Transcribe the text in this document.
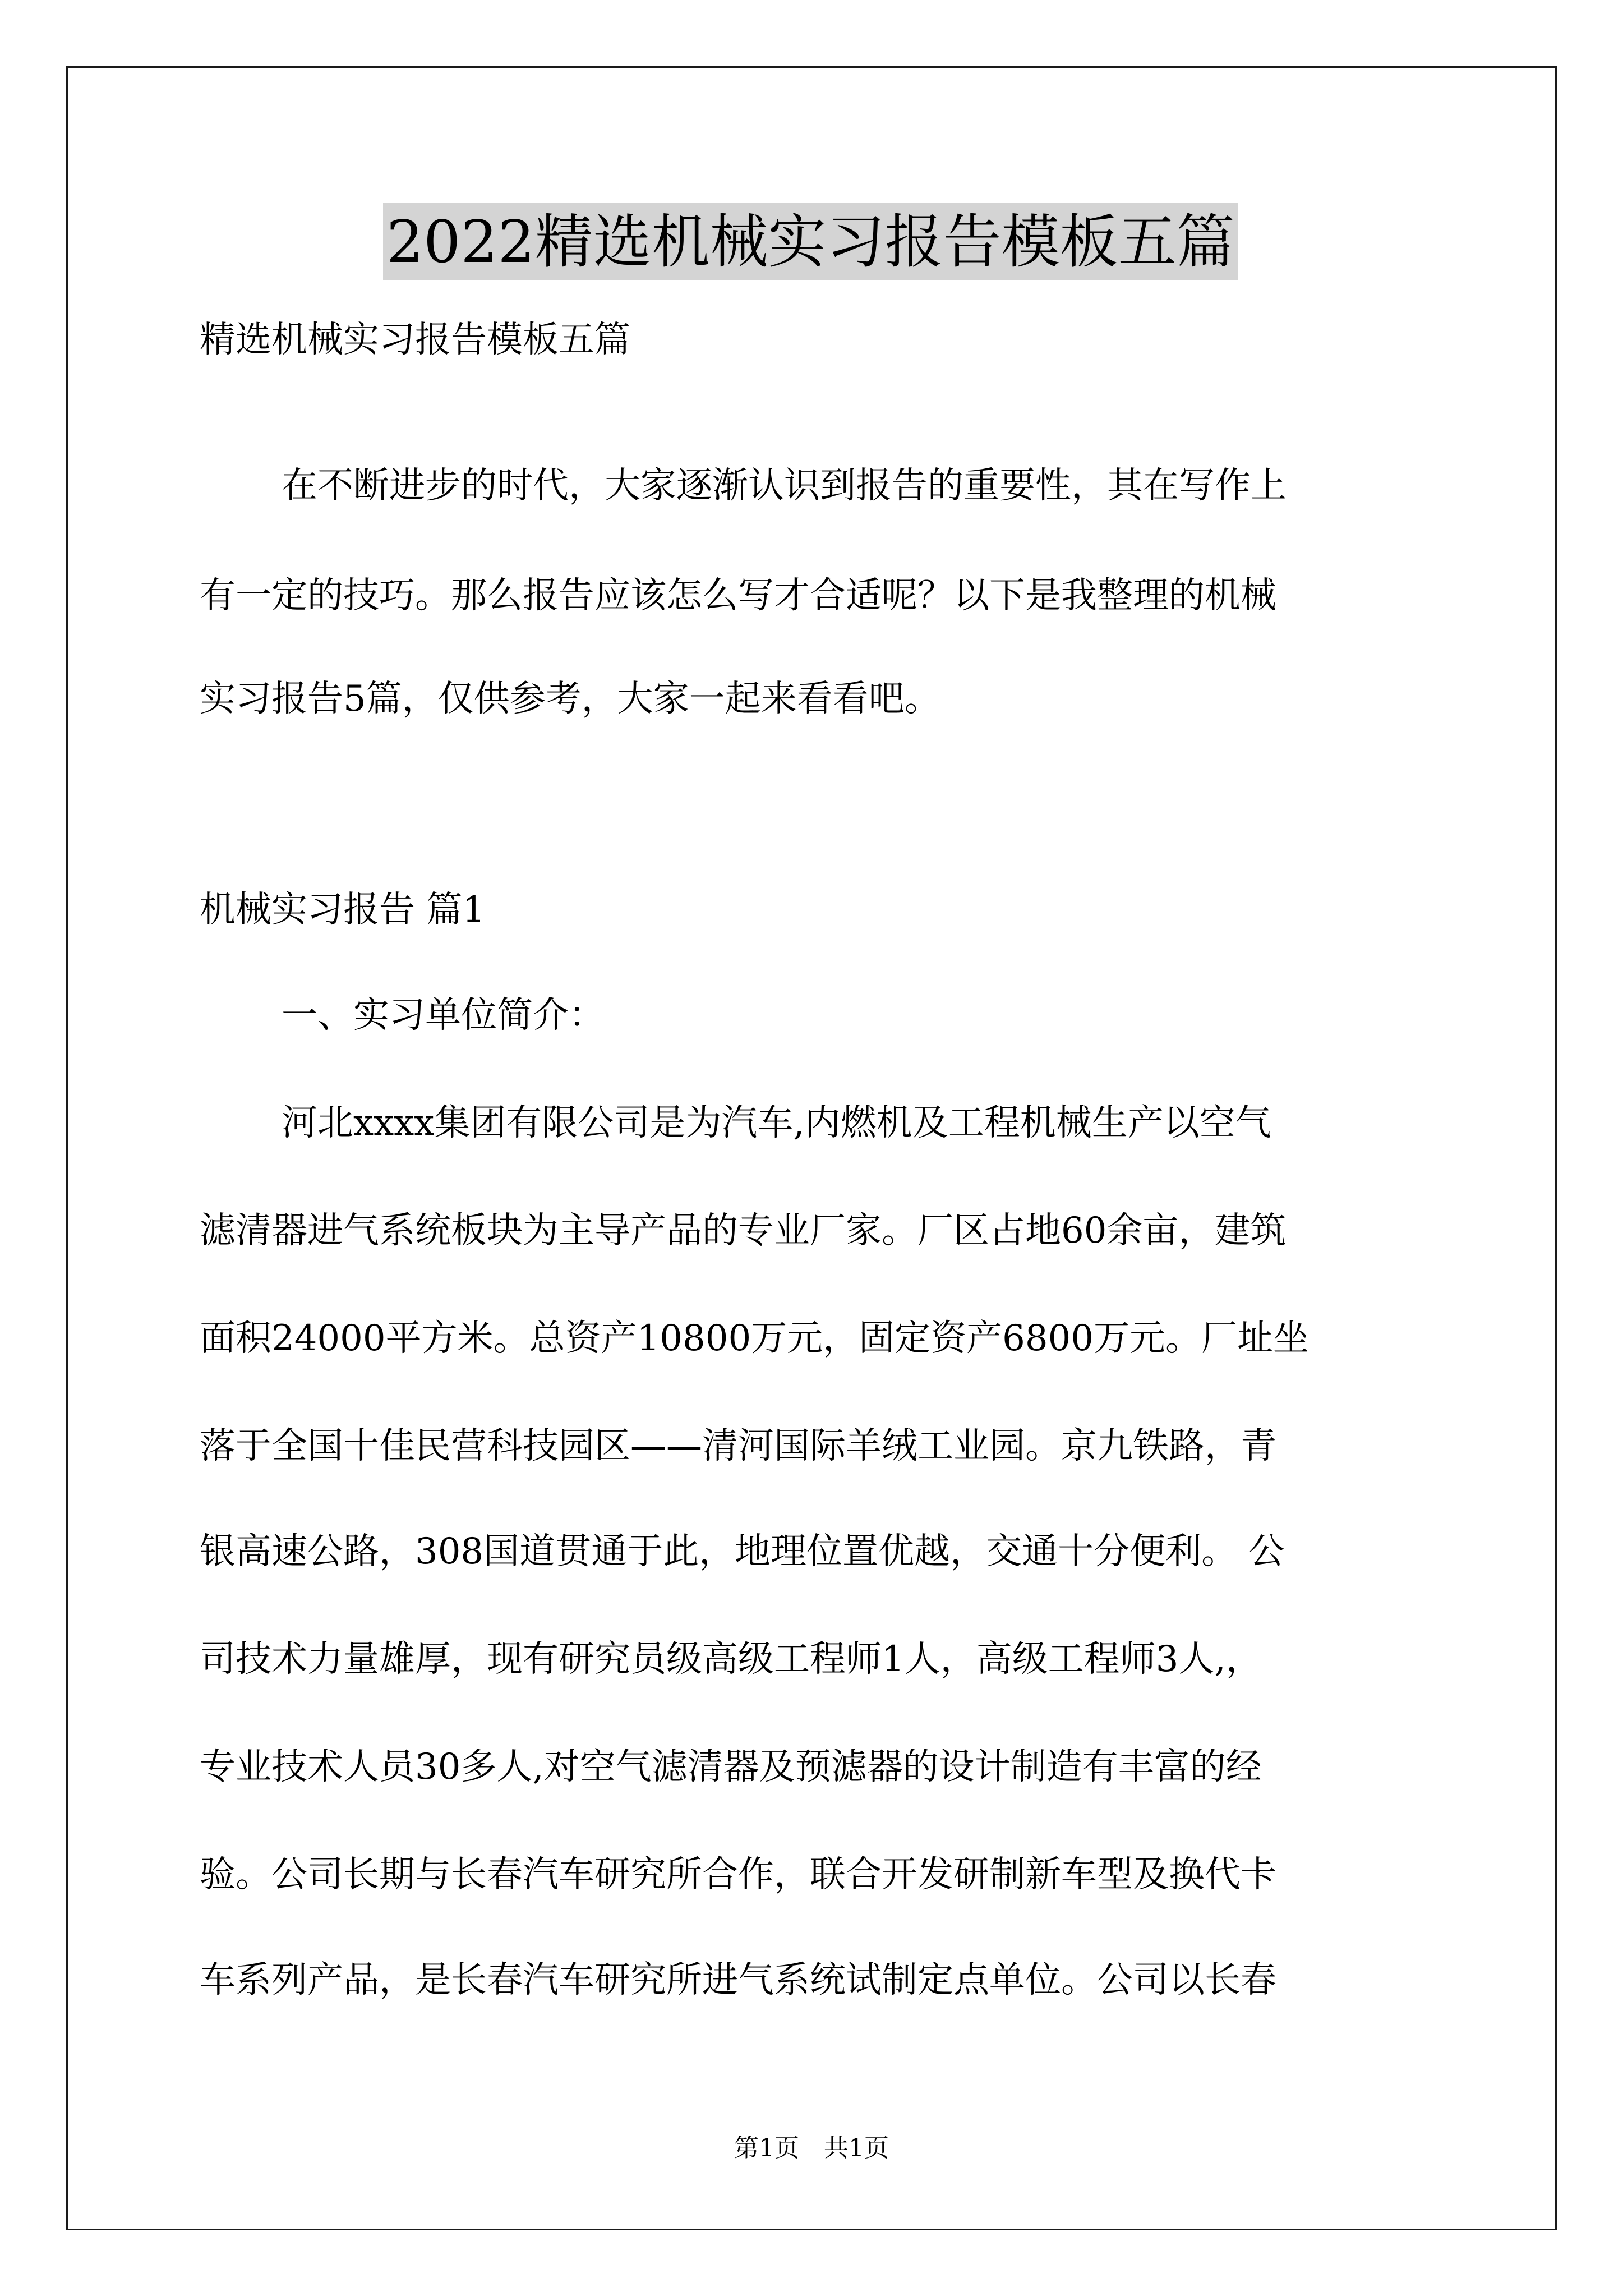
2022精选机械实习报告模板五篇
精选机械实习报告模板五篇
在不断进步的时代，大家逐渐认识到报告的重要性，其在写作上
有一定的技巧。那么报告应该怎么写才合适呢？以下是我整理的机械
实习报告5篇，仅供参考，大家一起来看看吧。
机械实习报告 篇1
一、实习单位简介：
河北xxxx集团有限公司是为汽车,内燃机及工程机械生产以空气
滤清器进气系统板块为主导产品的专业厂家。厂区占地60余亩，建筑
面积24000平方米。总资产10800万元，固定资产6800万元。厂址坐
落于全国十佳民营科技园区——清河国际羊绒工业园。京九铁路，青
银高速公路，308国道贯通于此，地理位置优越，交通十分便利。 公
司技术力量雄厚，现有研究员级高级工程师1人，高级工程师3人,，
专业技术人员30多人,对空气滤清器及预滤器的设计制造有丰富的经
验。公司长期与长春汽车研究所合作，联合开发研制新车型及换代卡
车系列产品，是长春汽车研究所进气系统试制定点单位。公司以长春
第1页 共1页
